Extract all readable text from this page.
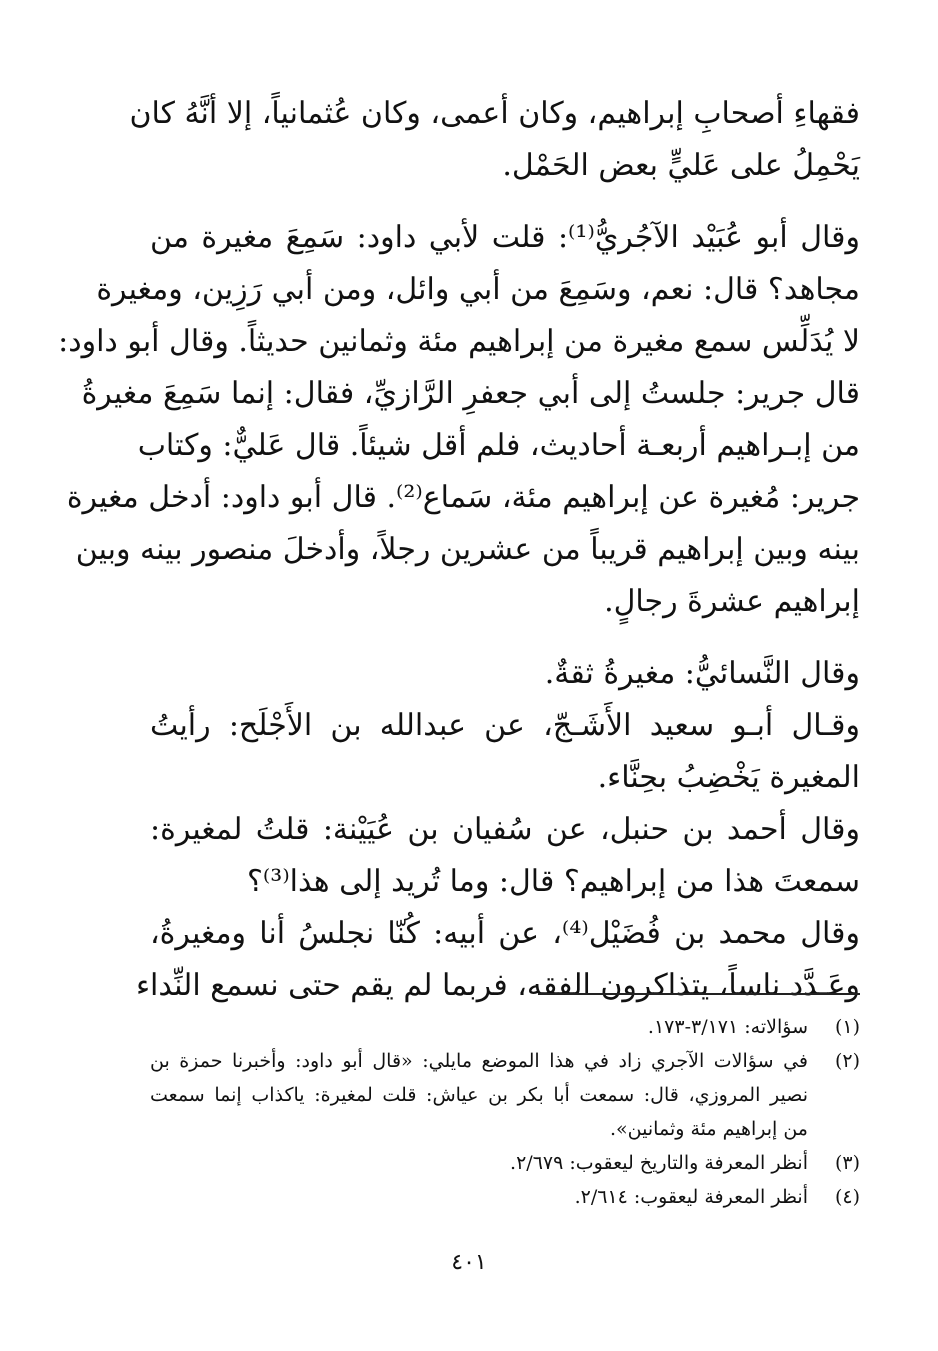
فقهاءِ أصحابِ إبراهيم، وكان أعمى، وكان عُثمانياً، إلا أنَّهُ كان
يَحْمِلُ على عَليٍّ بعض الحَمْل.
وقال أبو عُبَيْد الآجُريُّ⁽¹⁾: قلت لأبي داود: سَمِعَ مغيرة من
مجاهد؟ قال: نعم، وسَمِعَ من أبي وائل، ومن أبي رَزِين، ومغيرة
لا يُدَلِّس سمع مغيرة من إبراهيم مئة وثمانين حديثاً. وقال أبو داود:
قال جرير: جلستُ إلى أبي جعفرِ الرَّازيِّ، فقال: إنما سَمِعَ مغيرةُ
من إبـراهيم أربعـة أحاديث، فلم أقل شيئاً. قال عَليٌّ: وكتاب
جرير: مُغيرة عن إبراهيم مئة، سَماع⁽²⁾. قال أبو داود: أدخل مغيرة
بينه وبين إبراهيم قريباً من عشرين رجلاً، وأدخلَ منصور بينه وبين
إبراهيم عشرةَ رجالٍ.
وقال النَّسائيُّ: مغيرةُ ثقةٌ.
وقـال أبـو سعيد الأَشَـجّ، عن عبدالله بن الأَجْلَح: رأيتُ
المغيرة يَخْضِبُ بحِنَّاء.
وقال أحمد بن حنبل، عن سُفيان بن عُيَيْنة: قلتُ لمغيرة:
سمعتَ هذا من إبراهيم؟ قال: وما تُريد إلى هذا⁽³⁾؟
وقال محمد بن فُضَيْل⁽⁴⁾، عن أبيه: كُنّا نجلسُ أنا ومغيرةُ،
وعَـدَّد ناساً، يتذاكرون الفقه، فربما لم يقم حتى نسمع النِّداء
(١)
سؤالاته: ٣/١٧١-١٧٣.
(٢)
في سؤالات الآجري زاد في هذا الموضع مايلي: «قال أبو داود: وأخبرنا حمزة بن
نصير المروزي، قال: سمعت أبا بكر بن عياش: قلت لمغيرة: ياكذاب إنما سمعت
من إبراهيم مئة وثمانين».
(٣)
أنظر المعرفة والتاريخ ليعقوب: ٢/٦٧٩.
(٤)
أنظر المعرفة ليعقوب: ٢/٦١٤.
٤٠١
